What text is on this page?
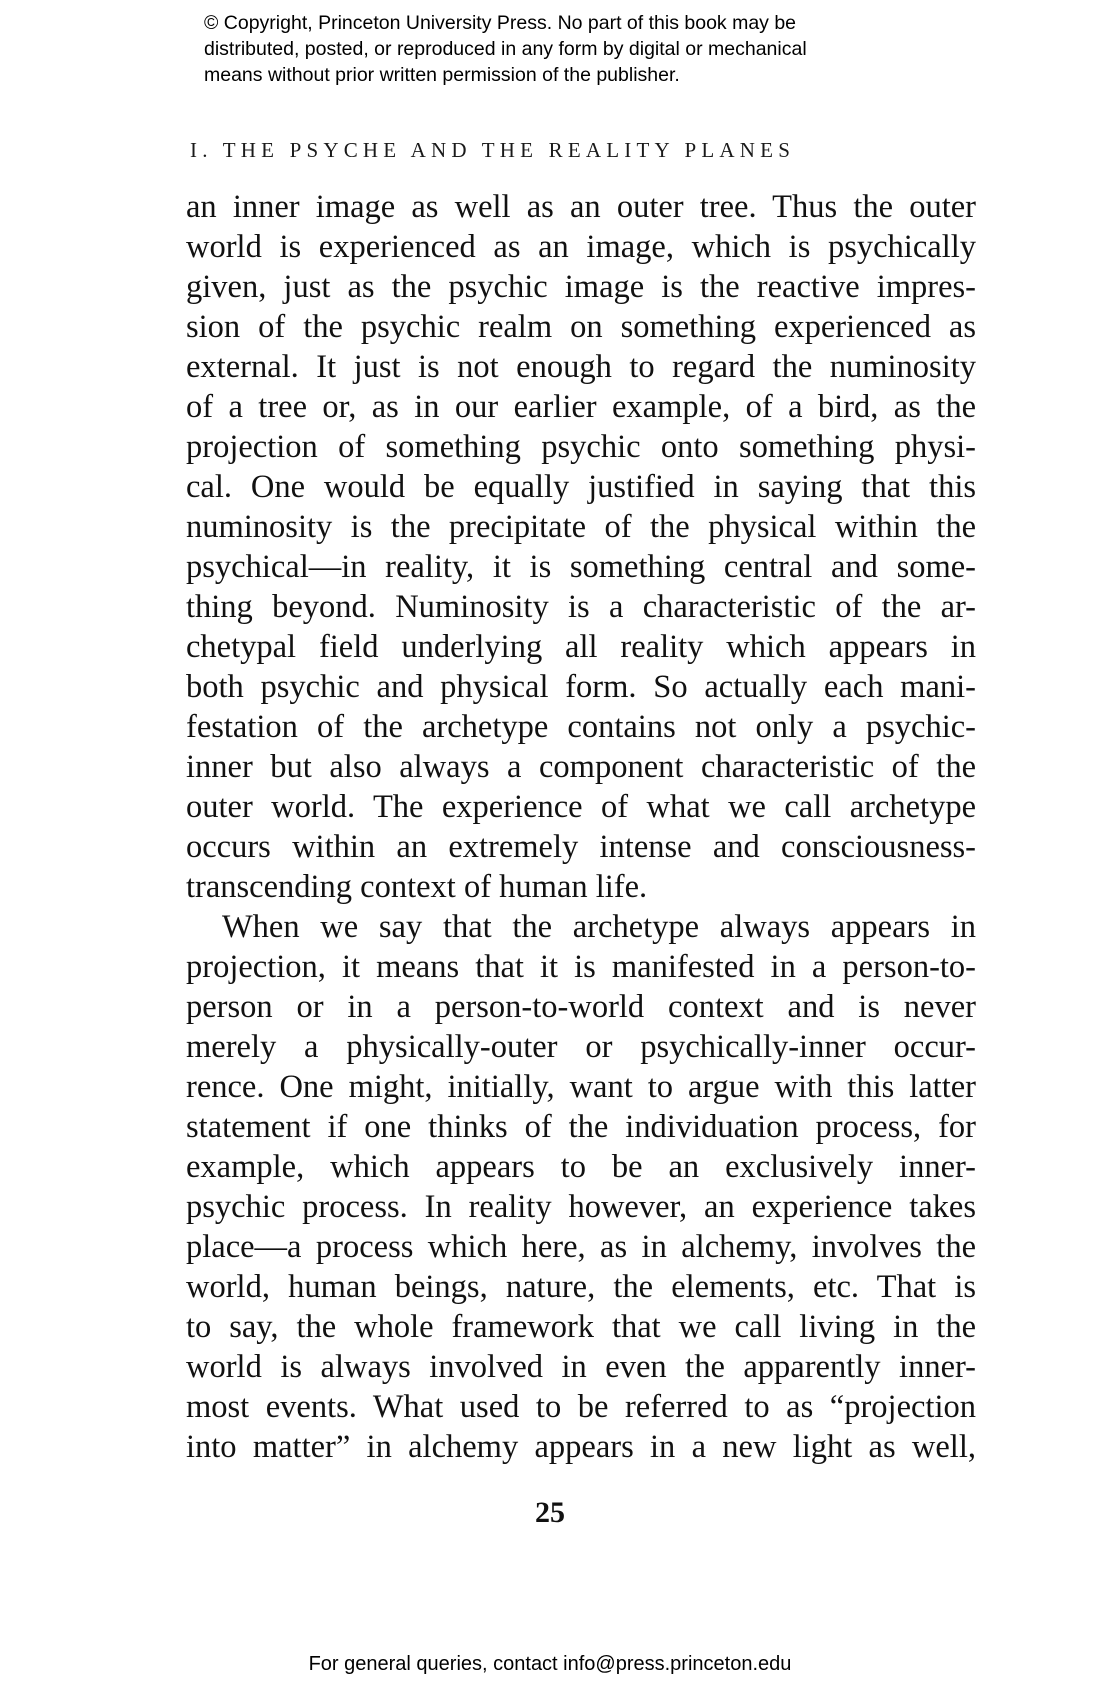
© Copyright, Princeton University Press. No part of this book may be
distributed, posted, or reproduced in any form by digital or mechanical
means without prior written permission of the publisher.
I. THE PSYCHE AND THE REALITY PLANES
an inner image as well as an outer tree. Thus the outer
world is experienced as an image, which is psychically
given, just as the psychic image is the reactive impres-
sion of the psychic realm on something experienced as
external. It just is not enough to regard the numinosity
of a tree or, as in our earlier example, of a bird, as the
projection of something psychic onto something physi-
cal. One would be equally justified in saying that this
numinosity is the precipitate of the physical within the
psychical—in reality, it is something central and some-
thing beyond. Numinosity is a characteristic of the ar-
chetypal field underlying all reality which appears in
both psychic and physical form. So actually each mani-
festation of the archetype contains not only a psychic-
inner but also always a component characteristic of the
outer world. The experience of what we call archetype
occurs within an extremely intense and consciousness-
transcending context of human life.
When we say that the archetype always appears in
projection, it means that it is manifested in a person-to-
person or in a person-to-world context and is never
merely a physically-outer or psychically-inner occur-
rence. One might, initially, want to argue with this latter
statement if one thinks of the individuation process, for
example, which appears to be an exclusively inner-
psychic process. In reality however, an experience takes
place—a process which here, as in alchemy, involves the
world, human beings, nature, the elements, etc. That is
to say, the whole framework that we call living in the
world is always involved in even the apparently inner-
most events. What used to be referred to as “projection
into matter” in alchemy appears in a new light as well,
25
For general queries, contact info@press.princeton.edu
